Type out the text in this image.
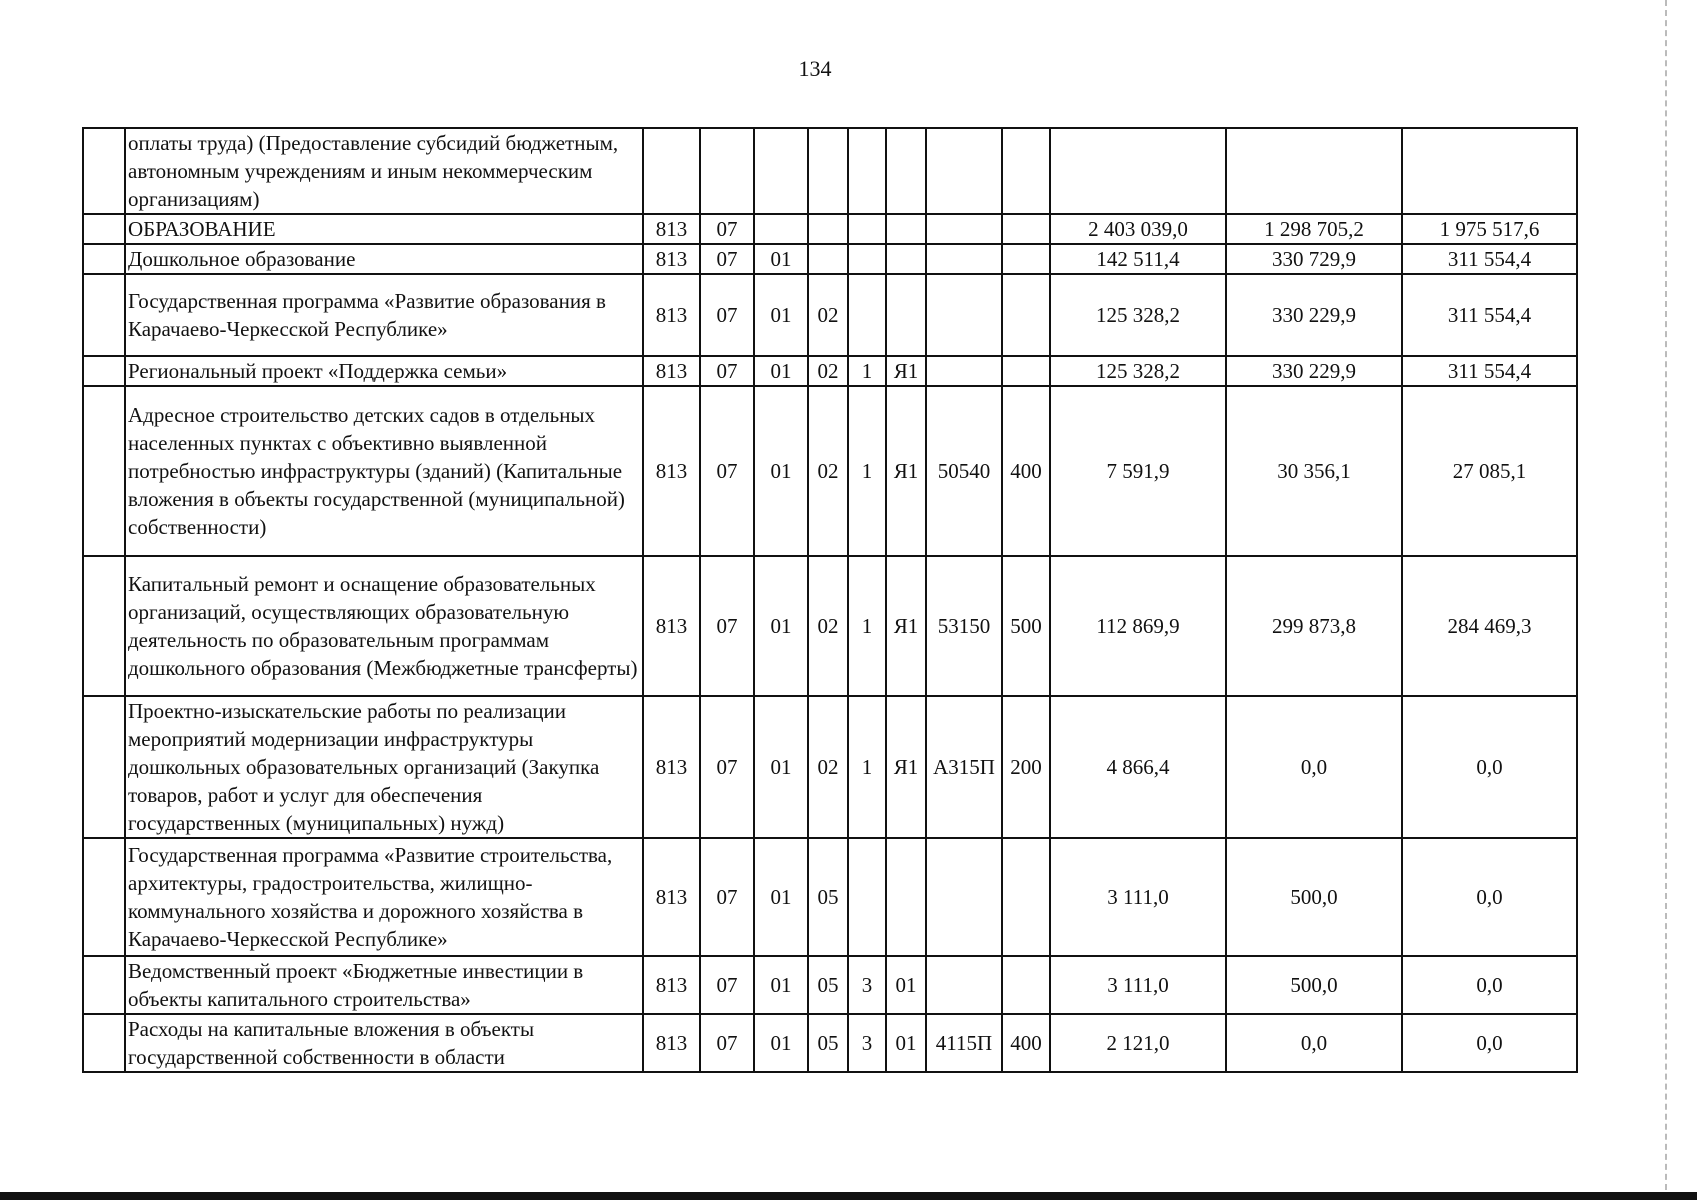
134
	оплаты труда) (Предоставление субсидий бюджетным, автономным учреждениям и иным некоммерческим организациям)											
	ОБРАЗОВАНИЕ	813	07							2 403 039,0	1 298 705,2	1 975 517,6
	Дошкольное образование	813	07	01						142 511,4	330 729,9	311 554,4
	Государственная программа «Развитие образования в Карачаево-Черкесской Республике»	813	07	01	02					125 328,2	330 229,9	311 554,4
	Региональный проект «Поддержка семьи»	813	07	01	02	1	Я1			125 328,2	330 229,9	311 554,4
	Адресное строительство детских садов в отдельных населенных пунктах с объективно выявленной потребностью инфраструктуры (зданий) (Капитальные вложения в объекты государственной (муниципальной) собственности)	813	07	01	02	1	Я1	50540	400	7 591,9	30 356,1	27 085,1
	Капитальный ремонт и оснащение образовательных организаций, осуществляющих образовательную деятельность по образовательным программам дошкольного образования (Межбюджетные трансферты)	813	07	01	02	1	Я1	53150	500	112 869,9	299 873,8	284 469,3
	Проектно-изыскательские работы по реализации мероприятий модернизации инфраструктуры дошкольных образовательных организаций (Закупка товаров, работ и услуг для обеспечения государственных (муниципальных) нужд)	813	07	01	02	1	Я1	А315П	200	4 866,4	0,0	0,0
	Государственная программа «Развитие строительства, архитектуры, градостроительства, жилищно-коммунального хозяйства и дорожного хозяйства в Карачаево-Черкесской Республике»	813	07	01	05					3 111,0	500,0	0,0
	Ведомственный проект «Бюджетные инвестиции в объекты капитального строительства»	813	07	01	05	3	01			3 111,0	500,0	0,0
	Расходы на капитальные вложения в объекты государственной собственности в области	813	07	01	05	3	01	4115П	400	2 121,0	0,0	0,0
